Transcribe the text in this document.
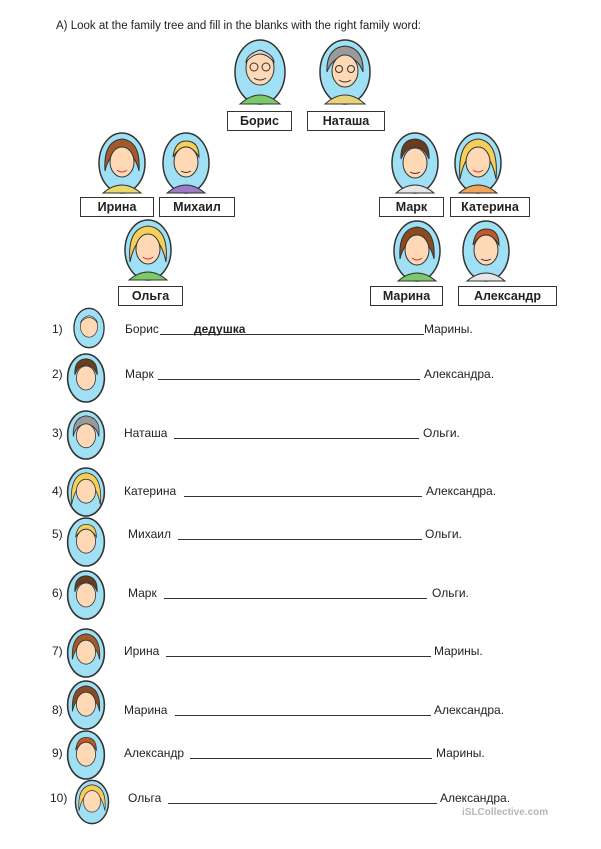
A) Look at the family tree and fill in the blanks with the right family word:
Борис	Наташа
Ирина	Михаил	Марк	Катерина
Ольга	Марина	Александр
1)	Борис	дедушка	Марины.
2)	Марк	Александра.
3)	Наташа	Ольги.
4)	Катерина	Александра.
5)	Михаил	Ольги.
6)	Марк	Ольги.
7)	Ирина	Марины.
8)	Марина	Александра.
9)	Александр	Марины.
10)	Ольга	Александра.
iSLCollective.com
